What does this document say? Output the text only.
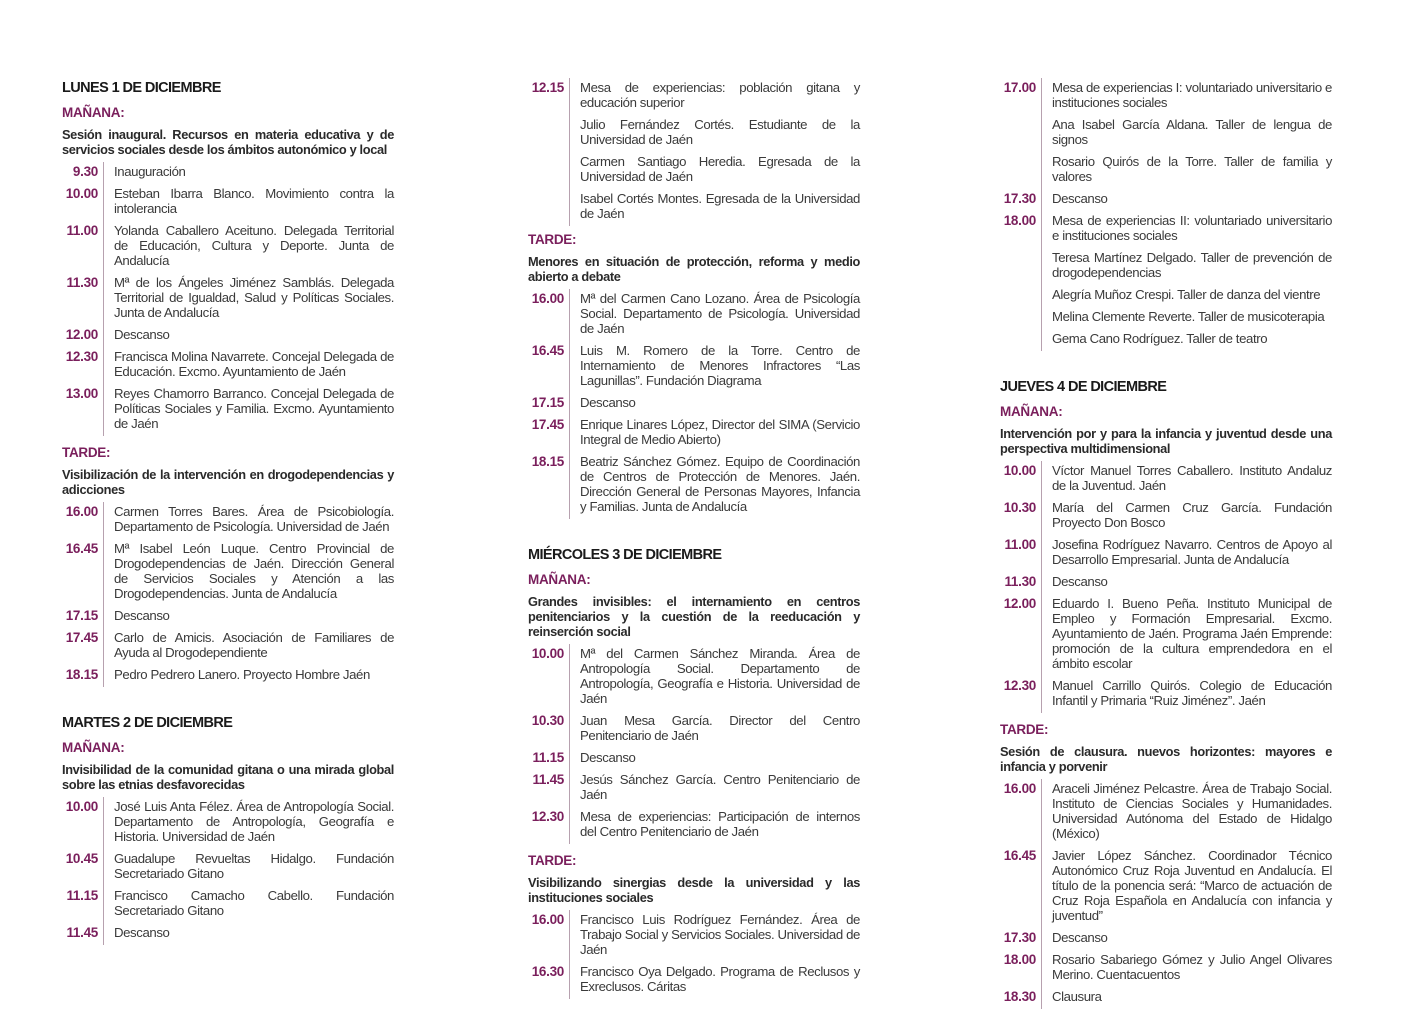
LUNES 1 DE DICIEMBRE
MAÑANA:
Sesión inaugural. Recursos en materia educativa y de servicios sociales desde los ámbitos autonómico y local
9.30 Inauguración
10.00 Esteban Ibarra Blanco. Movimiento contra la intolerancia
11.00 Yolanda Caballero Aceituno. Delegada Territorial de Educación, Cultura y Deporte. Junta de Andalucía
11.30 Mª de los Ángeles Jiménez Samblás. Delegada Territorial de Igualdad, Salud y Políticas Sociales. Junta de Andalucía
12.00 Descanso
12.30 Francisca Molina Navarrete. Concejal Delegada de Educación. Excmo. Ayuntamiento de Jaén
13.00 Reyes Chamorro Barranco. Concejal Delegada de Políticas Sociales y Familia. Excmo. Ayuntamiento de Jaén
TARDE:
Visibilización de la intervención en drogodependencias y adicciones
16.00 Carmen Torres Bares. Área de Psicobiología. Departamento de Psicología. Universidad de Jaén
16.45 Mª Isabel León Luque. Centro Provincial de Drogodependencias de Jaén. Dirección General de Servicios Sociales y Atención a las Drogodependencias. Junta de Andalucía
17.15 Descanso
17.45 Carlo de Amicis. Asociación de Familiares de Ayuda al Drogodependiente
18.15 Pedro Pedrero Lanero. Proyecto Hombre Jaén
MARTES 2 DE DICIEMBRE
MAÑANA:
Invisibilidad de la comunidad gitana o una mirada global sobre las etnias desfavorecidas
10.00 José Luis Anta Félez. Área de Antropología Social. Departamento de Antropología, Geografía e Historia. Universidad de Jaén
10.45 Guadalupe Revueltas Hidalgo. Fundación Secretariado Gitano
11.15 Francisco Camacho Cabello. Fundación Secretariado Gitano
11.45 Descanso
12.15 Mesa de experiencias: población gitana y educación superior
Julio Fernández Cortés. Estudiante de la Universidad de Jaén
Carmen Santiago Heredia. Egresada de la Universidad de Jaén
Isabel Cortés Montes. Egresada de la Universidad de Jaén
TARDE:
Menores en situación de protección, reforma y medio abierto a debate
16.00 Mª del Carmen Cano Lozano. Área de Psicología Social. Departamento de Psicología. Universidad de Jaén
16.45 Luis M. Romero de la Torre. Centro de Internamiento de Menores Infractores “Las Lagunillas”. Fundación Diagrama
17.15 Descanso
17.45 Enrique Linares López, Director del SIMA (Servicio Integral de Medio Abierto)
18.15 Beatriz Sánchez Gómez. Equipo de Coordinación de Centros de Protección de Menores. Jaén. Dirección General de Personas Mayores, Infancia y Familias. Junta de Andalucía
MIÉRCOLES 3 DE DICIEMBRE
MAÑANA:
Grandes invisibles: el internamiento en centros penitenciarios y la cuestión de la reeducación y reinserción social
10.00 Mª del Carmen Sánchez Miranda. Área de Antropología Social. Departamento de Antropología, Geografía e Historia. Universidad de Jaén
10.30 Juan Mesa García. Director del Centro Penitenciario de Jaén
11.15 Descanso
11.45 Jesús Sánchez García. Centro Penitenciario de Jaén
12.30 Mesa de experiencias: Participación de internos del Centro Penitenciario de Jaén
TARDE:
Visibilizando sinergias desde la universidad y las instituciones sociales
16.00 Francisco Luis Rodríguez Fernández. Área de Trabajo Social y Servicios Sociales. Universidad de Jaén
16.30 Francisco Oya Delgado. Programa de Reclusos y Exreclusos. Cáritas
17.00 Mesa de experiencias I: voluntariado universitario e instituciones sociales
Ana Isabel García Aldana. Taller de lengua de signos
Rosario Quirós de la Torre. Taller de familia y valores
17.30 Descanso
18.00 Mesa de experiencias II: voluntariado universitario e instituciones sociales
Teresa Martínez Delgado. Taller de prevención de drogodependencias
Alegría Muñoz Crespi. Taller de danza del vientre
Melina Clemente Reverte. Taller de musicoterapia
Gema Cano Rodríguez. Taller de teatro
JUEVES 4 DE DICIEMBRE
MAÑANA:
Intervención por y para la infancia y juventud desde una perspectiva multidimensional
10.00 Víctor Manuel Torres Caballero. Instituto Andaluz de la Juventud. Jaén
10.30 María del Carmen Cruz García. Fundación Proyecto Don Bosco
11.00 Josefina Rodríguez Navarro. Centros de Apoyo al Desarrollo Empresarial. Junta de Andalucía
11.30 Descanso
12.00 Eduardo I. Bueno Peña. Instituto Municipal de Empleo y Formación Empresarial. Excmo. Ayuntamiento de Jaén. Programa Jaén Emprende: promoción de la cultura emprendedora en el ámbito escolar
12.30 Manuel Carrillo Quirós. Colegio de Educación Infantil y Primaria “Ruiz Jiménez”. Jaén
TARDE:
Sesión de clausura. nuevos horizontes: mayores e infancia y porvenir
16.00 Araceli Jiménez Pelcastre. Área de Trabajo Social. Instituto de Ciencias Sociales y Humanidades. Universidad Autónoma del Estado de Hidalgo (México)
16.45 Javier López Sánchez. Coordinador Técnico Autonómico Cruz Roja Juventud en Andalucía. El título de la ponencia será: “Marco de actuación de Cruz Roja Española en Andalucía con infancia y juventud”
17.30 Descanso
18.00 Rosario Sabariego Gómez y Julio Angel Olivares Merino. Cuentacuentos
18.30 Clausura
